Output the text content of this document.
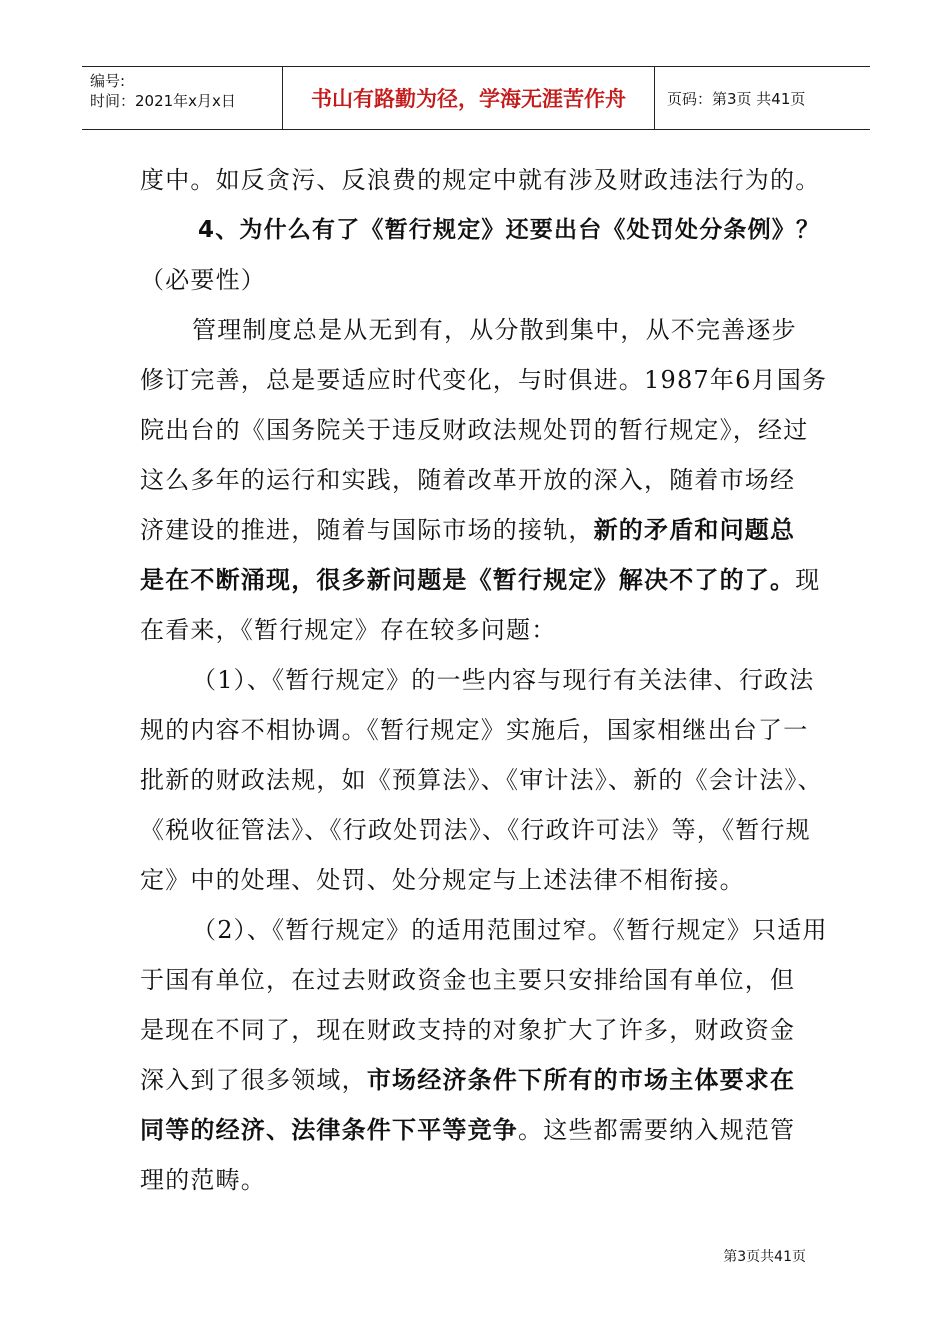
编号:
时间：2021年x月x日	书山有路勤为径，学海无涯苦作舟	页码：第3页 共41页
度中。如反贪污、反浪费的规定中就有涉及财政违法行为的。
4、为什么有了《暂行规定》还要出台《处罚处分条例》？
（必要性）
管理制度总是从无到有，从分散到集中，从不完善逐步
修订完善，总是要适应时代变化，与时俱进。1987年6月国务
院出台的《国务院关于违反财政法规处罚的暂行规定》，经过
这么多年的运行和实践，随着改革开放的深入，随着市场经
济建设的推进，随着与国际市场的接轨，新的矛盾和问题总
是在不断涌现，很多新问题是《暂行规定》解决不了的了。现
在看来，《暂行规定》存在较多问题：
（1）、《暂行规定》的一些内容与现行有关法律、行政法
规的内容不相协调。《暂行规定》实施后，国家相继出台了一
批新的财政法规，如《预算法》、《审计法》、新的《会计法》、
《税收征管法》、《行政处罚法》、《行政许可法》等，《暂行规
定》中的处理、处罚、处分规定与上述法律不相衔接。
（2）、《暂行规定》的适用范围过窄。《暂行规定》只适用
于国有单位，在过去财政资金也主要只安排给国有单位，但
是现在不同了，现在财政支持的对象扩大了许多，财政资金
深入到了很多领域，市场经济条件下所有的市场主体要求在
同等的经济、法律条件下平等竞争。这些都需要纳入规范管
理的范畴。
第3页共41页
